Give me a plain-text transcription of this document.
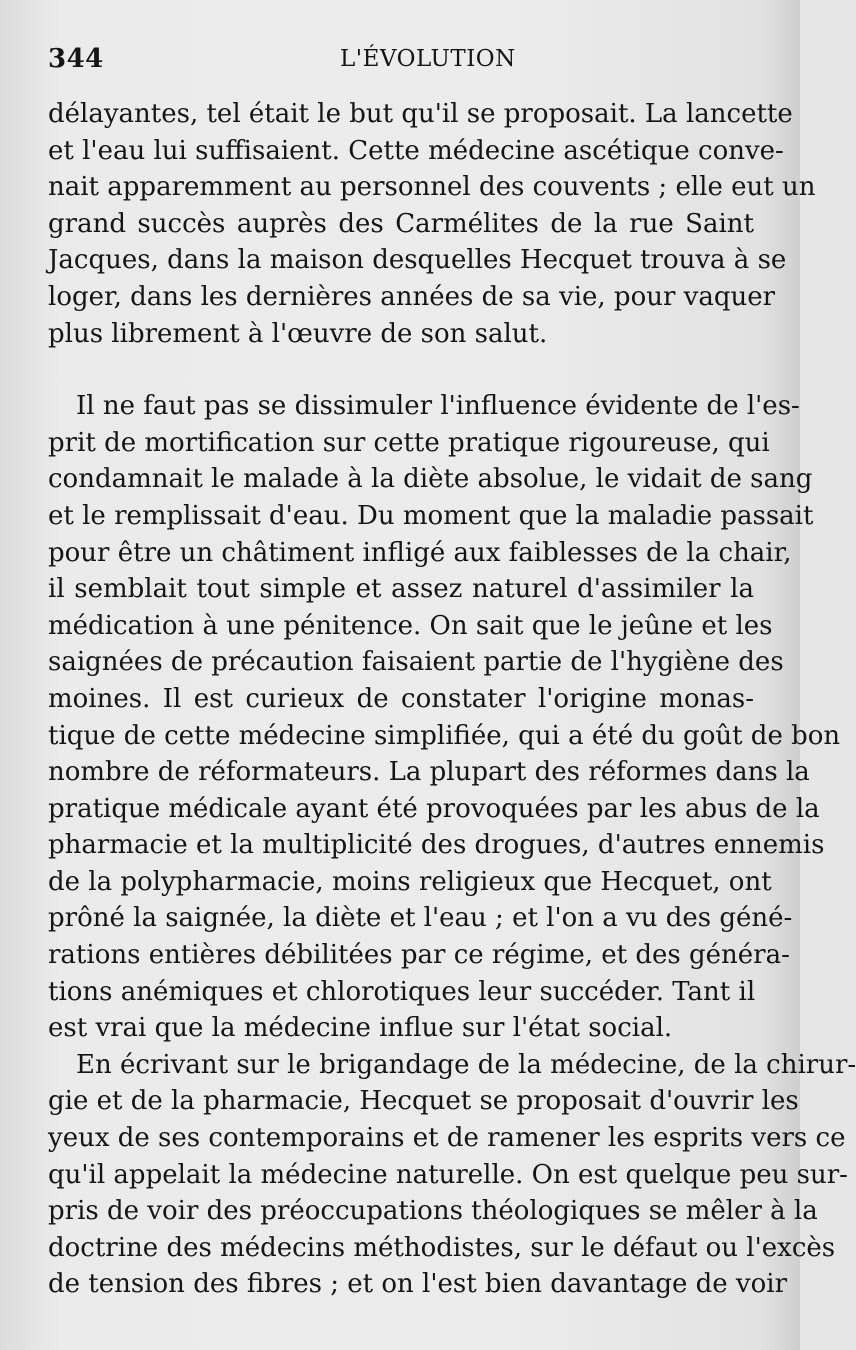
344	L'ÉVOLUTION
délayantes, tel était le but qu'il se proposait. La lancette
et l'eau lui suffisaient. Cette médecine ascétique conve-
nait apparemment au personnel des couvents ; elle eut un
grand succès auprès des Carmélites de la rue Saint
Jacques, dans la maison desquelles Hecquet trouva à se
loger, dans les dernières années de sa vie, pour vaquer
plus librement à l'œuvre de son salut.
Il ne faut pas se dissimuler l'influence évidente de l'es-
prit de mortification sur cette pratique rigoureuse, qui
condamnait le malade à la diète absolue, le vidait de sang
et le remplissait d'eau. Du moment que la maladie passait
pour être un châtiment infligé aux faiblesses de la chair,
il semblait tout simple et assez naturel d'assimiler la
médication à une pénitence. On sait que le jeûne et les
saignées de précaution faisaient partie de l'hygiène des
moines. Il est curieux de constater l'origine monas-
tique de cette médecine simplifiée, qui a été du goût de bon
nombre de réformateurs. La plupart des réformes dans la
pratique médicale ayant été provoquées par les abus de la
pharmacie et la multiplicité des drogues, d'autres ennemis
de la polypharmacie, moins religieux que Hecquet, ont
prôné la saignée, la diète et l'eau ; et l'on a vu des géné-
rations entières débilitées par ce régime, et des généra-
tions anémiques et chlorotiques leur succéder. Tant il
est vrai que la médecine influe sur l'état social.
En écrivant sur le brigandage de la médecine, de la chirur-
gie et de la pharmacie, Hecquet se proposait d'ouvrir les
yeux de ses contemporains et de ramener les esprits vers ce
qu'il appelait la médecine naturelle. On est quelque peu sur-
pris de voir des préoccupations théologiques se mêler à la
doctrine des médecins méthodistes, sur le défaut ou l'excès
de tension des fibres ; et on l'est bien davantage de voir
